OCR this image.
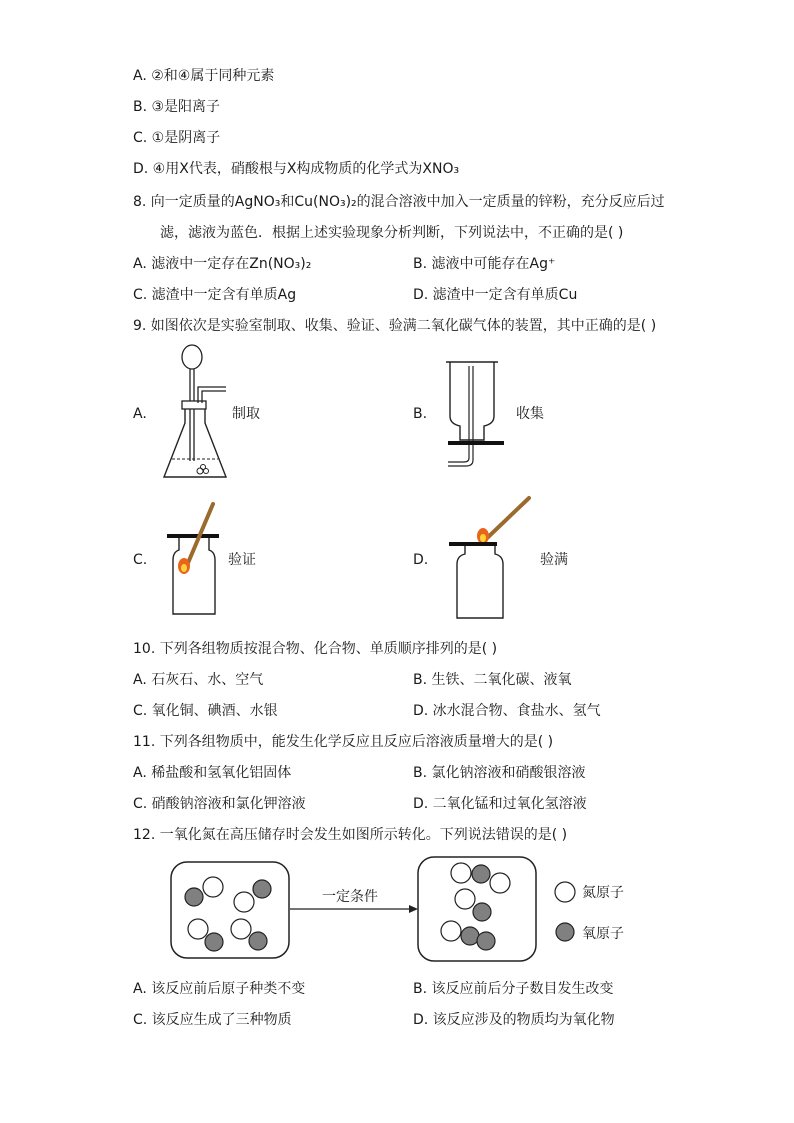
A. ②和④属于同种元素
B. ③是阳离子
C. ①是阴离子
D. ④用X代表，硝酸根与X构成物质的化学式为XNO₃
8. 向一定质量的AgNO₃和Cu(NO₃)₂的混合溶液中加入一定质量的锌粉，充分反应后过
滤，滤液为蓝色．根据上述实验现象分析判断，下列说法中，不正确的是( )
A. 滤液中一定存在Zn(NO₃)₂	B. 滤液中可能存在Ag⁺
C. 滤渣中一定含有单质Ag	D. 滤渣中一定含有单质Cu
9. 如图依次是实验室制取、收集、验证、验满二氧化碳气体的装置，其中正确的是( )
A.	制取	B.	收集
C.	验证	D.	验满
10. 下列各组物质按混合物、化合物、单质顺序排列的是( )
A. 石灰石、水、空气	B. 生铁、二氧化碳、液氧
C. 氧化铜、碘酒、水银	D. 冰水混合物、食盐水、氢气
11. 下列各组物质中，能发生化学反应且反应后溶液质量增大的是( )
A. 稀盐酸和氢氧化铝固体	B. 氯化钠溶液和硝酸银溶液
C. 硝酸钠溶液和氯化钾溶液	D. 二氧化锰和过氧化氢溶液
12. 一氧化氮在高压储存时会发生如图所示转化。下列说法错误的是( )
一定条件	氮原子
氧原子
A. 该反应前后原子种类不变	B. 该反应前后分子数目发生改变
C. 该反应生成了三种物质	D. 该反应涉及的物质均为氧化物
